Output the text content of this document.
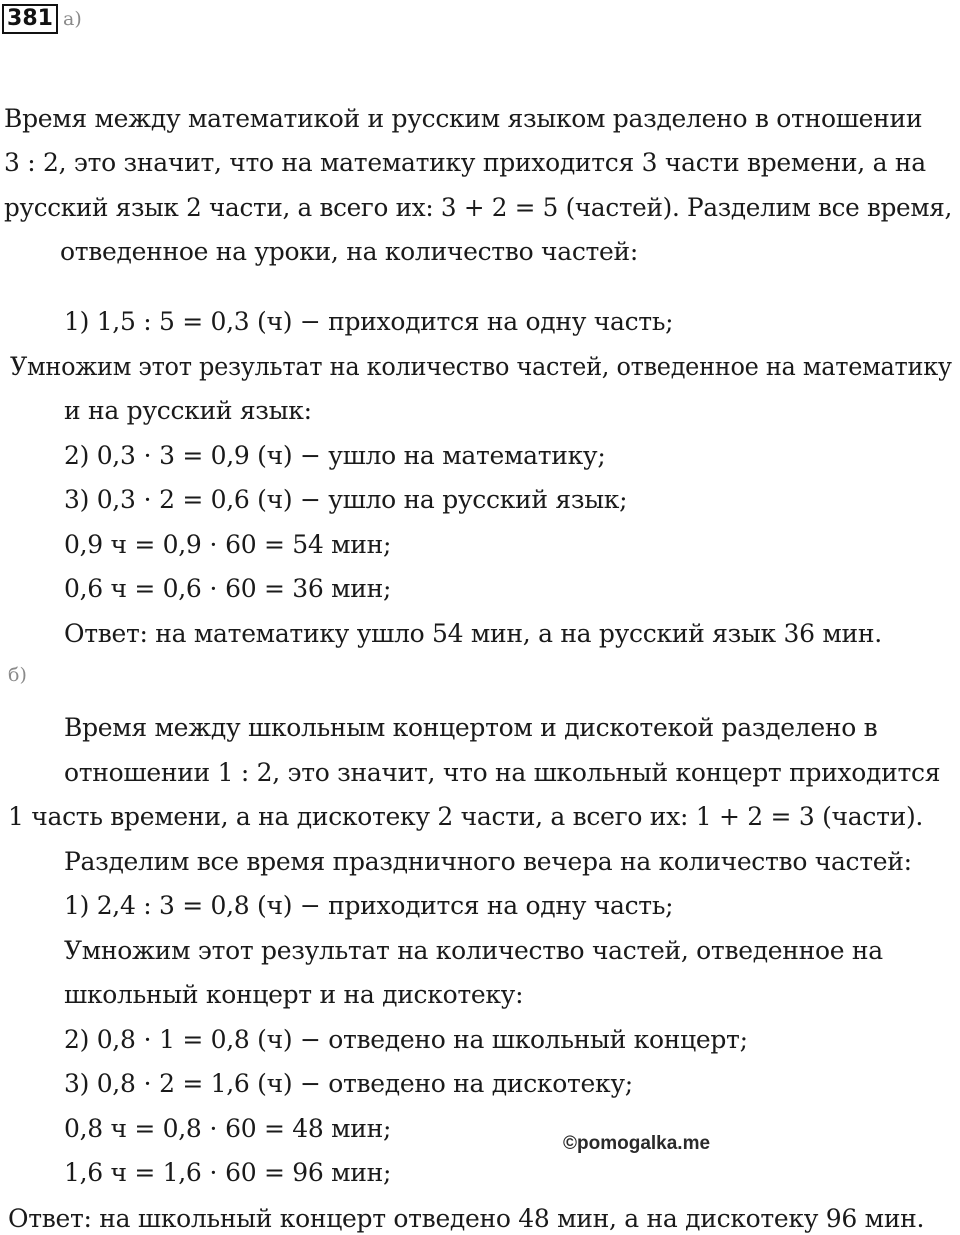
381 а)
Время между математикой и русским языком разделено в отношении
3 : 2, это значит, что на математику приходится 3 части времени, а на
русский язык 2 части, а всего их: 3 + 2 = 5 (частей). Разделим все время,
отведенное на уроки, на количество частей:
1) 1,5 : 5 = 0,3 (ч) − приходится на одну часть;
Умножим этот результат на количество частей, отведенное на математику
и на русский язык:
2) 0,3 ⋅ 3 = 0,9 (ч) − ушло на математику;
3) 0,3 ⋅ 2 = 0,6 (ч) − ушло на русский язык;
0,9 ч = 0,9 ⋅ 60 = 54 мин;
0,6 ч = 0,6 ⋅ 60 = 36 мин;
Ответ: на математику ушло 54 мин, а на русский язык 36 мин.
б)
Время между школьным концертом и дискотекой разделено в
отношении 1 : 2, это значит, что на школьный концерт приходится
1 часть времени, а на дискотеку 2 части, а всего их: 1 + 2 = 3 (части).
Разделим все время праздничного вечера на количество частей:
1) 2,4 : 3 = 0,8 (ч) − приходится на одну часть;
Умножим этот результат на количество частей, отведенное на
школьный концерт и на дискотеку:
2) 0,8 ⋅ 1 = 0,8 (ч) − отведено на школьный концерт;
3) 0,8 ⋅ 2 = 1,6 (ч) − отведено на дискотеку;
0,8 ч = 0,8 ⋅ 60 = 48 мин;
1,6 ч = 1,6 ⋅ 60 = 96 мин;
Ответ: на школьный концерт отведено 48 мин, а на дискотеку 96 мин.
©pomogalka.me
